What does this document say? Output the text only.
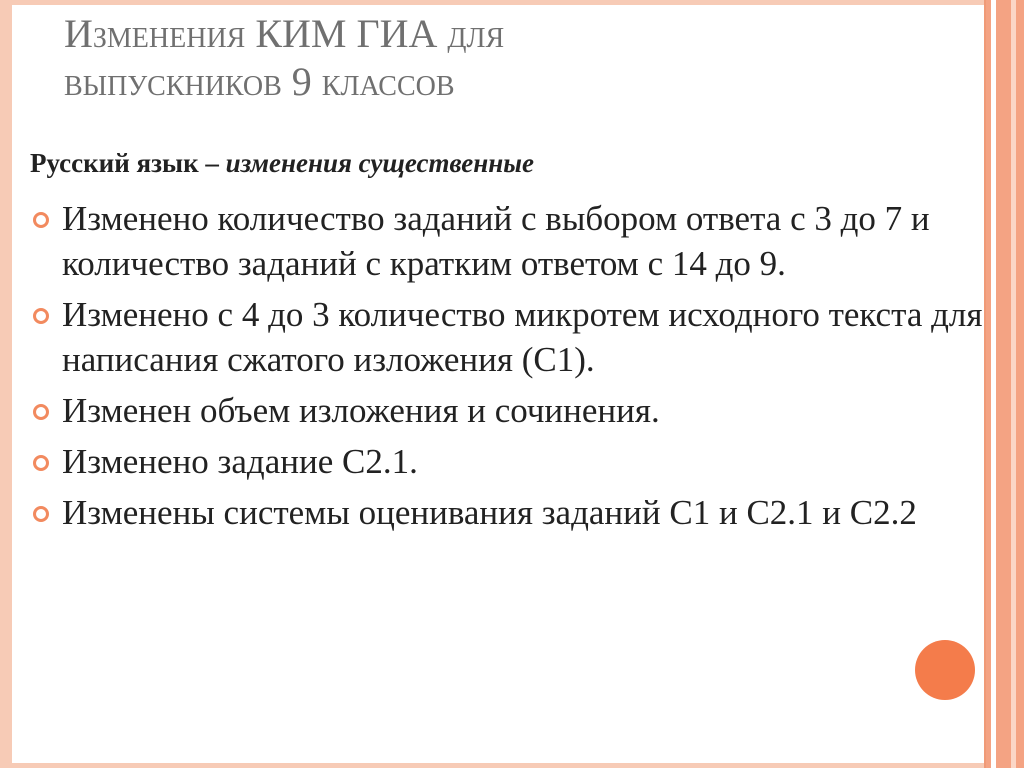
Изменения КИМ ГИА для
выпускников 9 классов
Русский язык – изменения существенные
Изменено количество заданий с выбором ответа с 3 до 7 и количество заданий с кратким ответом с 14 до 9.
Изменено с 4 до 3 количество микротем исходного текста для написания сжатого изложения (С1).
Изменен объем изложения и сочинения.
Изменено задание С2.1.
Изменены системы оценивания заданий С1 и С2.1 и С2.2
